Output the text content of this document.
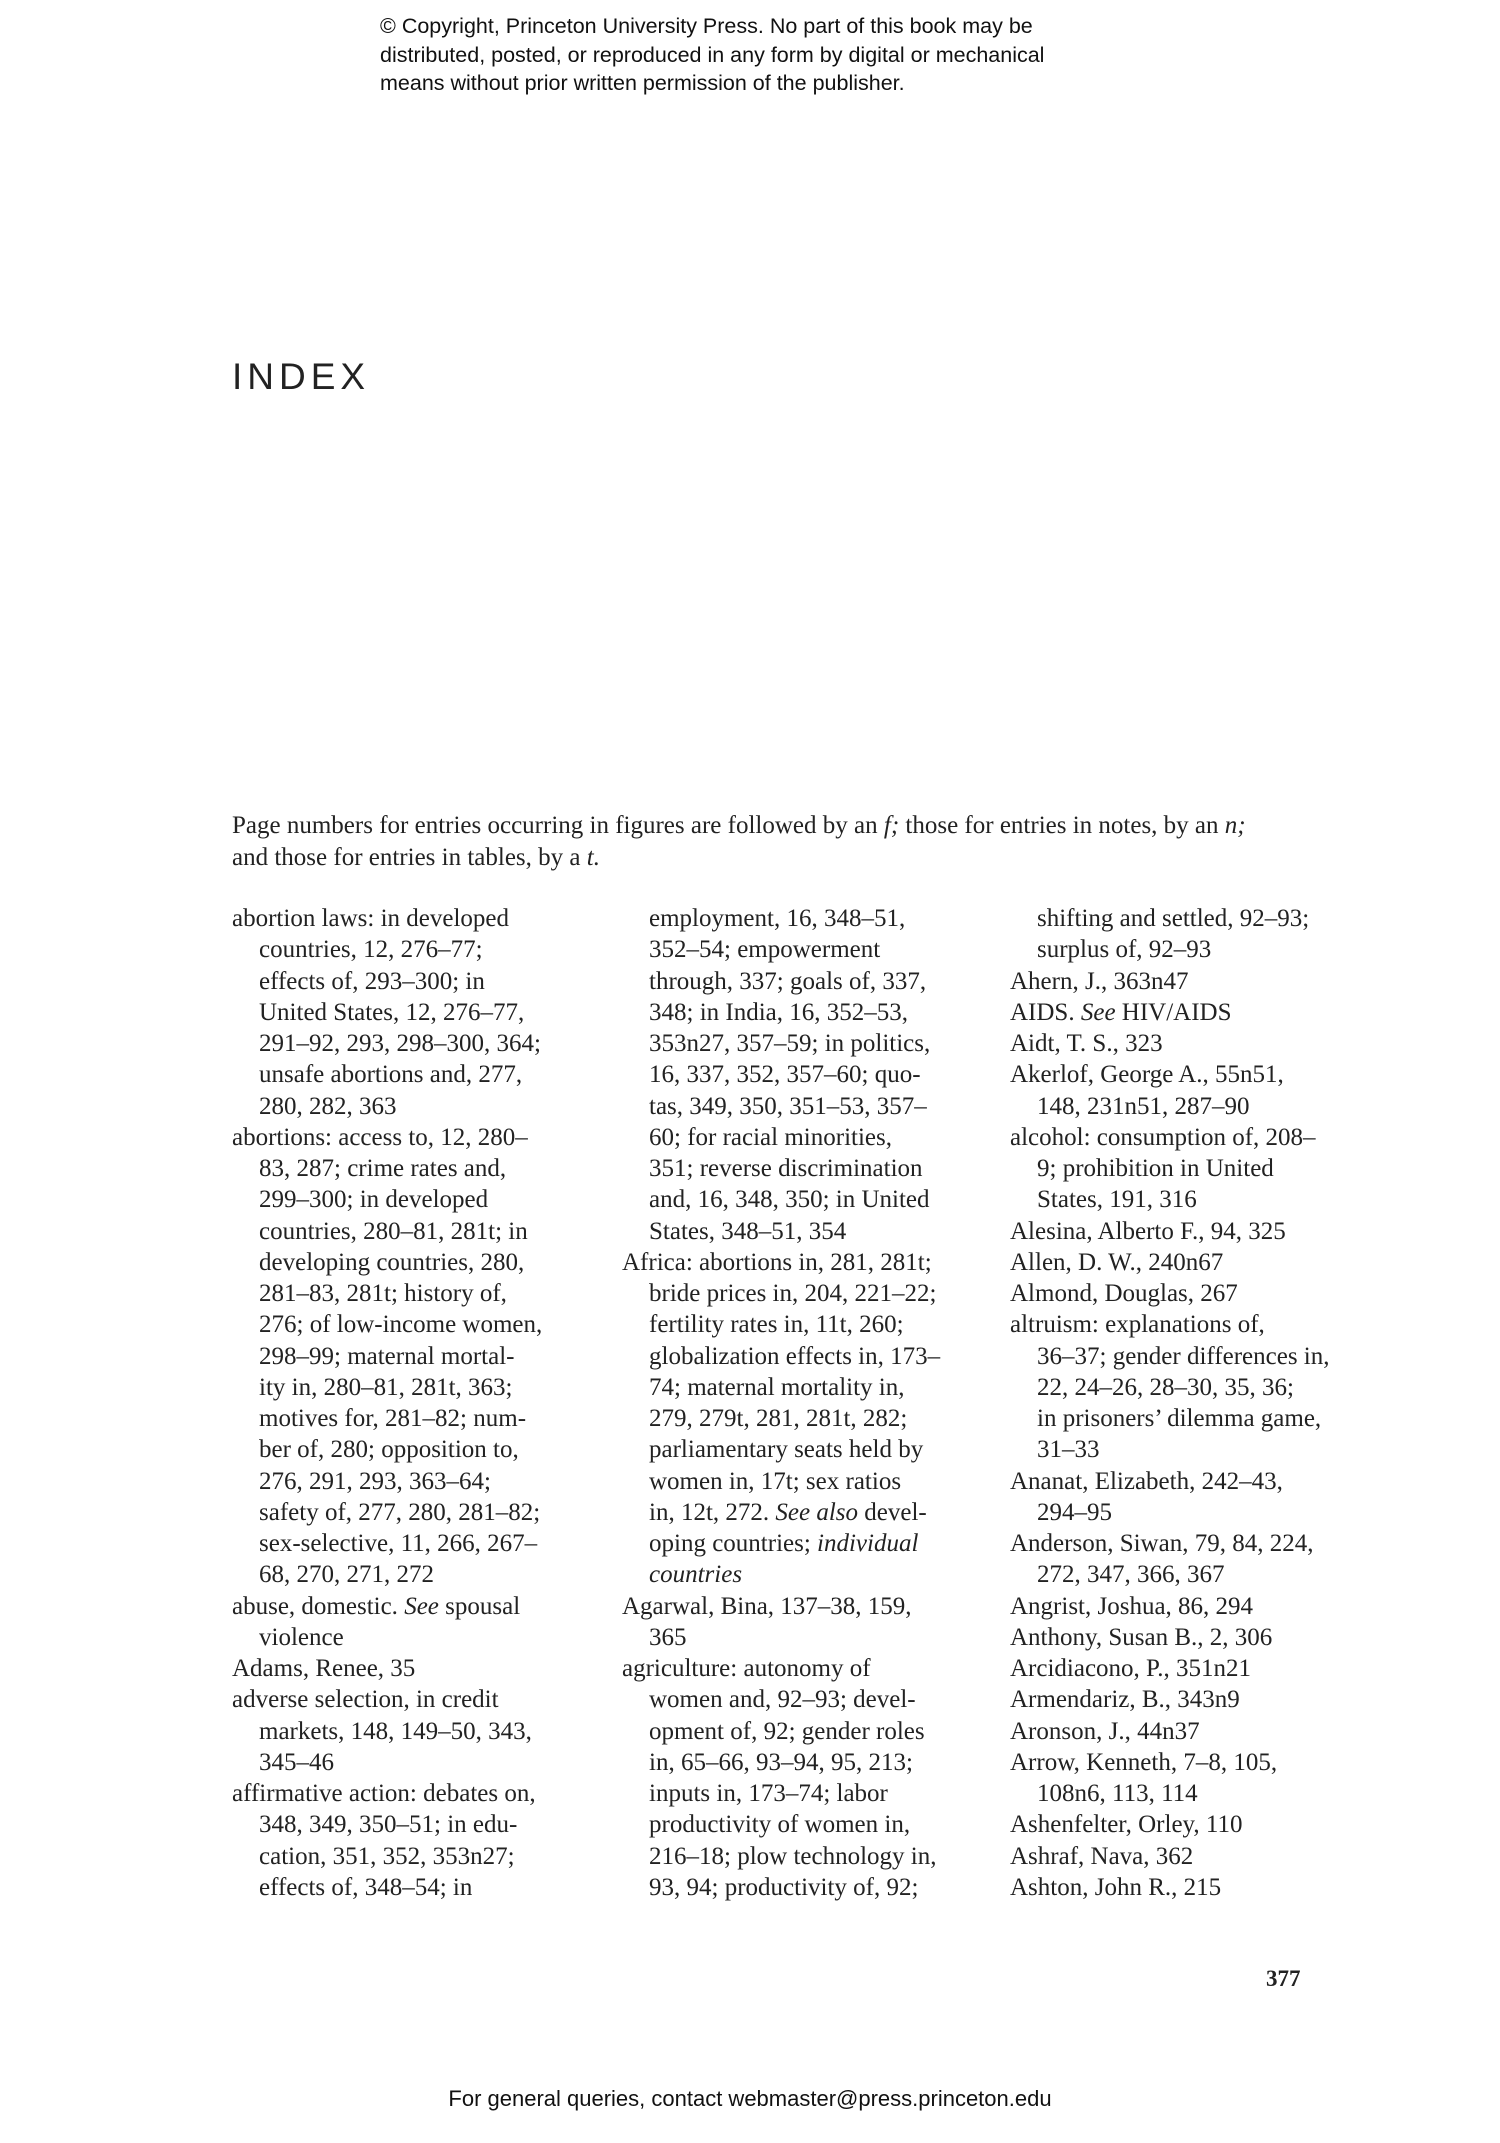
© Copyright, Princeton University Press. No part of this book may be
distributed, posted, or reproduced in any form by digital or mechanical
means without prior written permission of the publisher.
INDEX
Page numbers for entries occurring in figures are followed by an f; those for entries in notes, by an n;
and those for entries in tables, by a t.
abortion laws: in developed
countries, 12, 276–77;
effects of, 293–300; in
United States, 12, 276–77,
291–92, 293, 298–300, 364;
unsafe abortions and, 277,
280, 282, 363
abortions: access to, 12, 280–
83, 287; crime rates and,
299–300; in developed
countries, 280–81, 281t; in
developing countries, 280,
281–83, 281t; history of,
276; of low-income women,
298–99; maternal mortal-
ity in, 280–81, 281t, 363;
motives for, 281–82; num-
ber of, 280; opposition to,
276, 291, 293, 363–64;
safety of, 277, 280, 281–82;
sex-selective, 11, 266, 267–
68, 270, 271, 272
abuse, domestic. See spousal
violence
Adams, Renee, 35
adverse selection, in credit
markets, 148, 149–50, 343,
345–46
affirmative action: debates on,
348, 349, 350–51; in edu-
cation, 351, 352, 353n27;
effects of, 348–54; in
employment, 16, 348–51,
352–54; empowerment
through, 337; goals of, 337,
348; in India, 16, 352–53,
353n27, 357–59; in politics,
16, 337, 352, 357–60; quo-
tas, 349, 350, 351–53, 357–
60; for racial minorities,
351; reverse discrimination
and, 16, 348, 350; in United
States, 348–51, 354
Africa: abortions in, 281, 281t;
bride prices in, 204, 221–22;
fertility rates in, 11t, 260;
globalization effects in, 173–
74; maternal mortality in,
279, 279t, 281, 281t, 282;
parliamentary seats held by
women in, 17t; sex ratios
in, 12t, 272. See also devel-
oping countries; individual
countries
Agarwal, Bina, 137–38, 159,
365
agriculture: autonomy of
women and, 92–93; devel-
opment of, 92; gender roles
in, 65–66, 93–94, 95, 213;
inputs in, 173–74; labor
productivity of women in,
216–18; plow technology in,
93, 94; productivity of, 92;
shifting and settled, 92–93;
surplus of, 92–93
Ahern, J., 363n47
AIDS. See HIV/AIDS
Aidt, T. S., 323
Akerlof, George A., 55n51,
148, 231n51, 287–90
alcohol: consumption of, 208–
9; prohibition in United
States, 191, 316
Alesina, Alberto F., 94, 325
Allen, D. W., 240n67
Almond, Douglas, 267
altruism: explanations of,
36–37; gender differences in,
22, 24–26, 28–30, 35, 36;
in prisoners’ dilemma game,
31–33
Ananat, Elizabeth, 242–43,
294–95
Anderson, Siwan, 79, 84, 224,
272, 347, 366, 367
Angrist, Joshua, 86, 294
Anthony, Susan B., 2, 306
Arcidiacono, P., 351n21
Armendariz, B., 343n9
Aronson, J., 44n37
Arrow, Kenneth, 7–8, 105,
108n6, 113, 114
Ashenfelter, Orley, 110
Ashraf, Nava, 362
Ashton, John R., 215
377
For general queries, contact webmaster@press.princeton.edu
